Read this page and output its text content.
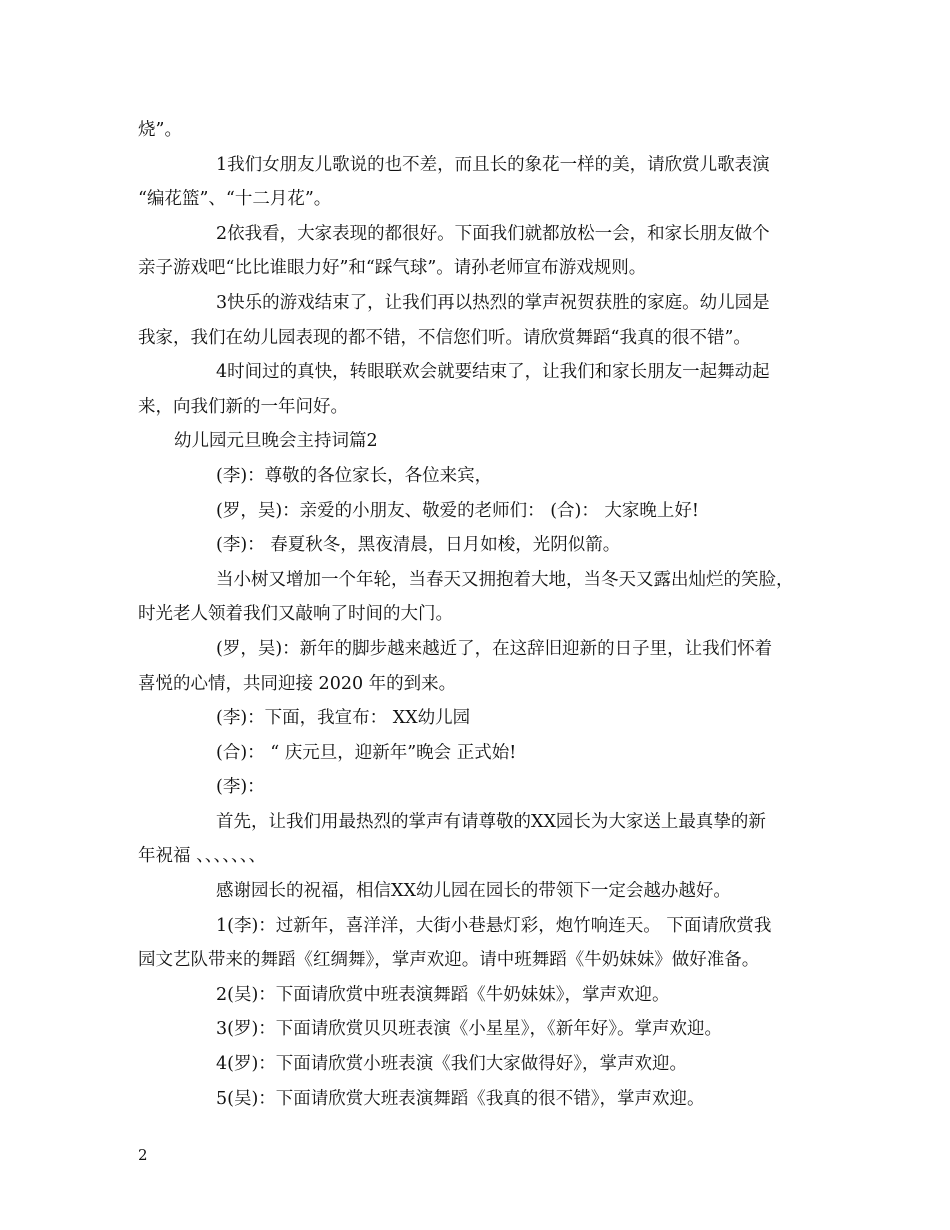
烧”。
1我们女朋友儿歌说的也不差，而且长的象花一样的美，请欣赏儿歌表演
“编花篮”、“十二月花”。
2依我看，大家表现的都很好。下面我们就都放松一会，和家长朋友做个
亲子游戏吧“比比谁眼力好”和“踩气球”。请孙老师宣布游戏规则。
3快乐的游戏结束了，让我们再以热烈的掌声祝贺获胜的家庭。幼儿园是
我家，我们在幼儿园表现的都不错，不信您们听。请欣赏舞蹈“我真的很不错”。
4时间过的真快，转眼联欢会就要结束了，让我们和家长朋友一起舞动起
来，向我们新的一年问好。
幼儿园元旦晚会主持词篇2
(李)：尊敬的各位家长，各位来宾，
(罗，吴)：亲爱的小朋友、敬爱的老师们： (合)： 大家晚上好!
(李)： 春夏秋冬，黑夜清晨，日月如梭，光阴似箭。
当小树又增加一个年轮，当春天又拥抱着大地，当冬天又露出灿烂的笑脸，
时光老人领着我们又敲响了时间的大门。
(罗，吴)：新年的脚步越来越近了，在这辞旧迎新的日子里，让我们怀着
喜悦的心情，共同迎接 2020 年的到来。
(李)：下面，我宣布： XX幼儿园
(合)： “ 庆元旦，迎新年”晚会 正式始!
(李)：
首先，让我们用最热烈的掌声有请尊敬的XX园长为大家送上最真挚的新
年祝福 、、、、、、、
感谢园长的祝福，相信XX幼儿园在园长的带领下一定会越办越好。
1(李)：过新年，喜洋洋，大街小巷悬灯彩，炮竹响连天。 下面请欣赏我
园文艺队带来的舞蹈《红绸舞》，掌声欢迎。请中班舞蹈《牛奶妹妹》做好准备。
2(吴)：下面请欣赏中班表演舞蹈《牛奶妹妹》，掌声欢迎。
3(罗)：下面请欣赏贝贝班表演《小星星》，《新年好》。掌声欢迎。
4(罗)：下面请欣赏小班表演《我们大家做得好》，掌声欢迎。
5(吴)：下面请欣赏大班表演舞蹈《我真的很不错》，掌声欢迎。
2
